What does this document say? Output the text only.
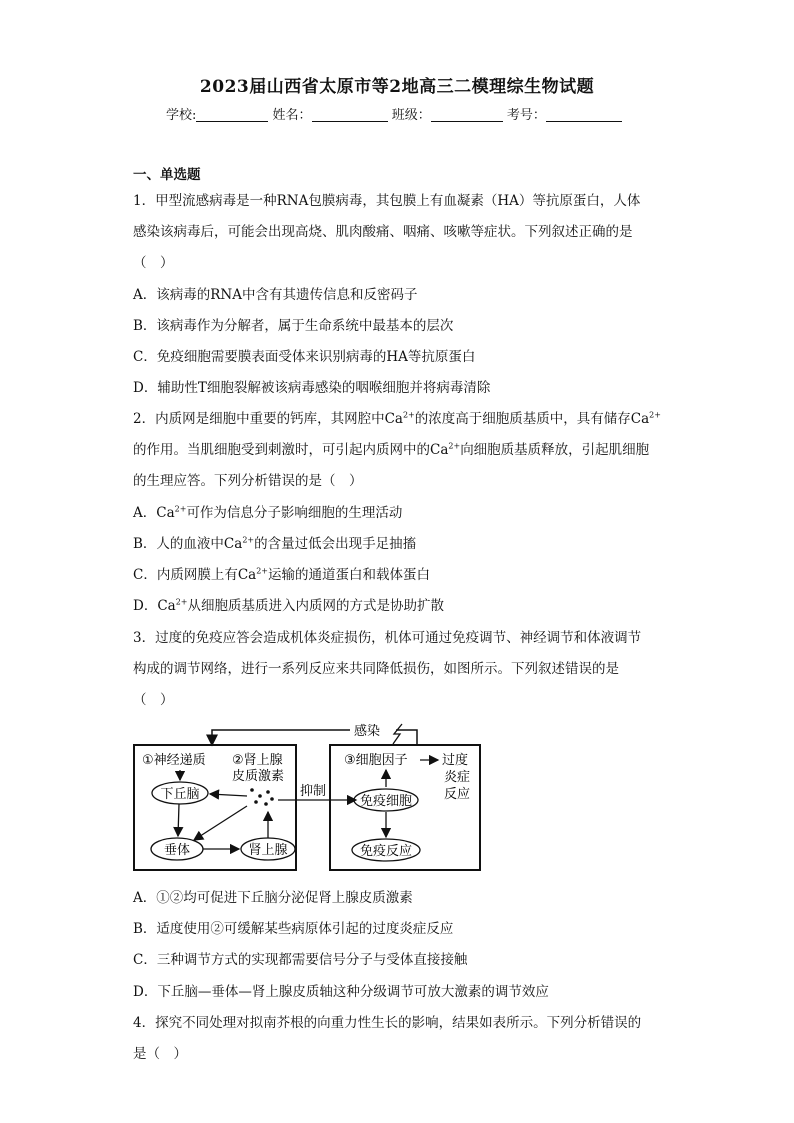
2023届山西省太原市等2地高三二模理综生物试题
学校:	姓名：	班级：	考号：
一、单选题
1．甲型流感病毒是一种RNA包膜病毒，其包膜上有血凝素（HA）等抗原蛋白，人体
感染该病毒后，可能会出现高烧、肌肉酸痛、咽痛、咳嗽等症状。下列叙述正确的是
（　）
A．该病毒的RNA中含有其遗传信息和反密码子
B．该病毒作为分解者，属于生命系统中最基本的层次
C．免疫细胞需要膜表面受体来识别病毒的HA等抗原蛋白
D．辅助性T细胞裂解被该病毒感染的咽喉细胞并将病毒清除
2．内质网是细胞中重要的钙库，其网腔中$Ca^{2+}$的浓度高于细胞质基质中，具有储存$Ca^{2+}$
的作用。当肌细胞受到刺激时，可引起内质网中的$Ca^{2+}$向细胞质基质释放，引起肌细胞
的生理应答。下列分析错误的是（　）
A．$Ca^{2+}$可作为信息分子影响细胞的生理活动
B．人的血液中$Ca^{2+}$的含量过低会出现手足抽搐
C．内质网膜上有$Ca^{2+}$运输的通道蛋白和载体蛋白
D．$Ca^{2+}$从细胞质基质进入内质网的方式是协助扩散
3．过度的免疫应答会造成机体炎症损伤，机体可通过免疫调节、神经调节和体液调节
构成的调节网络，进行一系列反应来共同降低损伤，如图所示。下列叙述错误的是
（　）
感染
①神经递质 ②肾上腺
皮质激素
下丘脑
垂体	肾上腺
抑制
③细胞因子	过度
炎症
反应
免疫细胞
免疫反应
A．①②均可促进下丘脑分泌促肾上腺皮质激素
B．适度使用②可缓解某些病原体引起的过度炎症反应
C．三种调节方式的实现都需要信号分子与受体直接接触
D．下丘脑—垂体—肾上腺皮质轴这种分级调节可放大激素的调节效应
4．探究不同处理对拟南芥根的向重力性生长的影响，结果如表所示。下列分析错误的
是（　）
